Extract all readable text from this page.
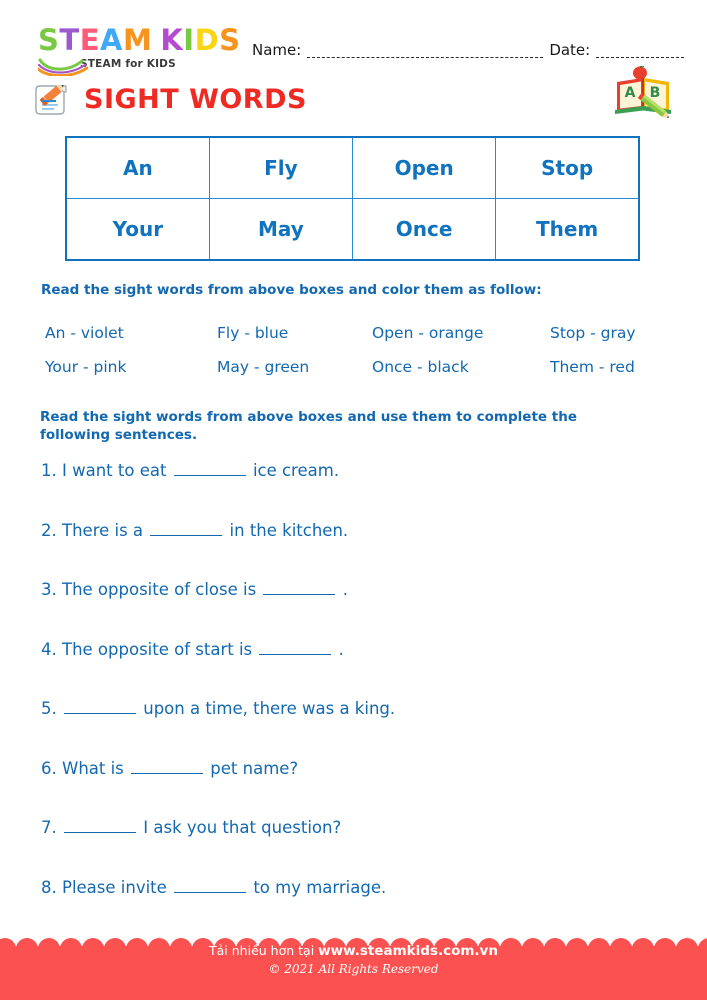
STEAM KIDS
STEAM for KIDS
Name:	Date:
SIGHT WORDS	A B
An	Fly	Open	Stop
Your	May	Once	Them
Read the sight words from above boxes and color them as follow:
An - violet	Fly - blue	Open - orange	Stop - gray
Your - pink	May - green	Once - black	Them - red
Read the sight words from above boxes and use them to complete the following sentences.
1. I want to eat	ice cream.
2. There is a	in the kitchen.
3. The opposite of close is	.
4. The opposite of start is	.
5.	upon a time, there was a king.
6. What is	pet name?
7.	I ask you that question?
8. Please invite	to my marriage.
Tải nhiều hơn tại www.steamkids.com.vn
© 2021 All Rights Reserved
